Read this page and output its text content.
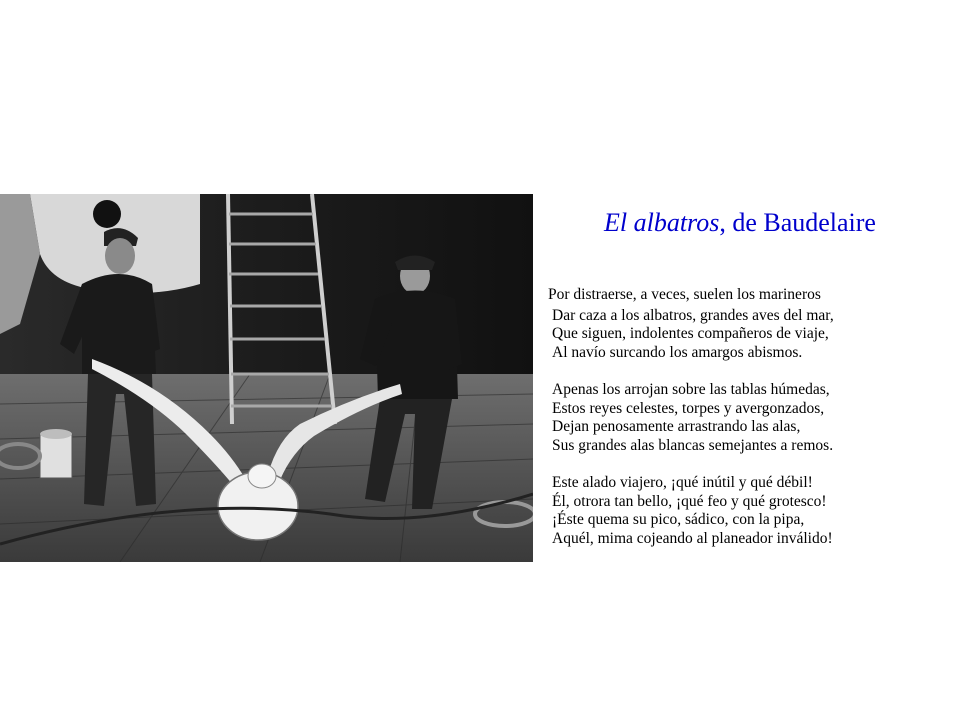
El albatros, de Baudelaire
Por distraerse, a veces, suelen los marineros
Dar caza a los albatros, grandes aves del mar,
Que siguen, indolentes compañeros de viaje,
Al navío surcando los amargos abismos.
Apenas los arrojan sobre las tablas húmedas,
Estos reyes celestes, torpes y avergonzados,
Dejan penosamente arrastrando las alas,
Sus grandes alas blancas semejantes a remos.
Este alado viajero, ¡qué inútil y qué débil!
Él, otrora tan bello, ¡qué feo y qué grotesco!
¡Éste quema su pico, sádico, con la pipa,
Aquél, mima cojeando al planeador inválido!
